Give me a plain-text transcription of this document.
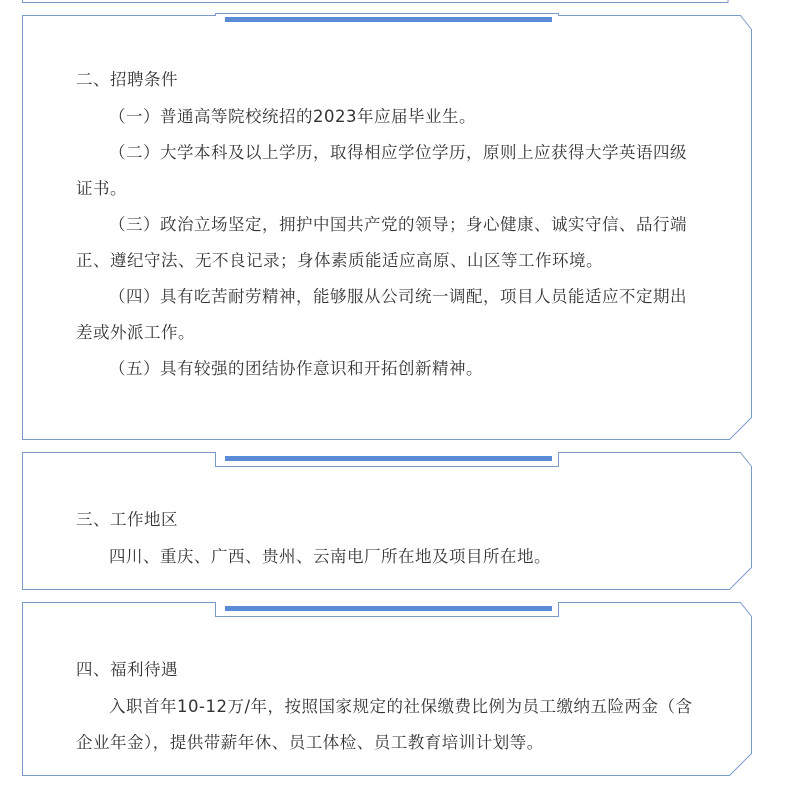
二、招聘条件

（一）普通高等院校统招的2023年应届毕业生。

（二）大学本科及以上学历，取得相应学位学历，原则上应获得大学英语四级证书。

（三）政治立场坚定，拥护中国共产党的领导；身心健康、诚实守信、品行端正、遵纪守法、无不良记录；身体素质能适应高原、山区等工作环境。

（四）具有吃苦耐劳精神，能够服从公司统一调配，项目人员能适应不定期出差或外派工作。

（五）具有较强的团结协作意识和开拓创新精神。

三、工作地区

四川、重庆、广西、贵州、云南电厂所在地及项目所在地。

四、福利待遇

入职首年10-12万/年，按照国家规定的社保缴费比例为员工缴纳五险两金（含企业年金），提供带薪年休、员工体检、员工教育培训计划等。
